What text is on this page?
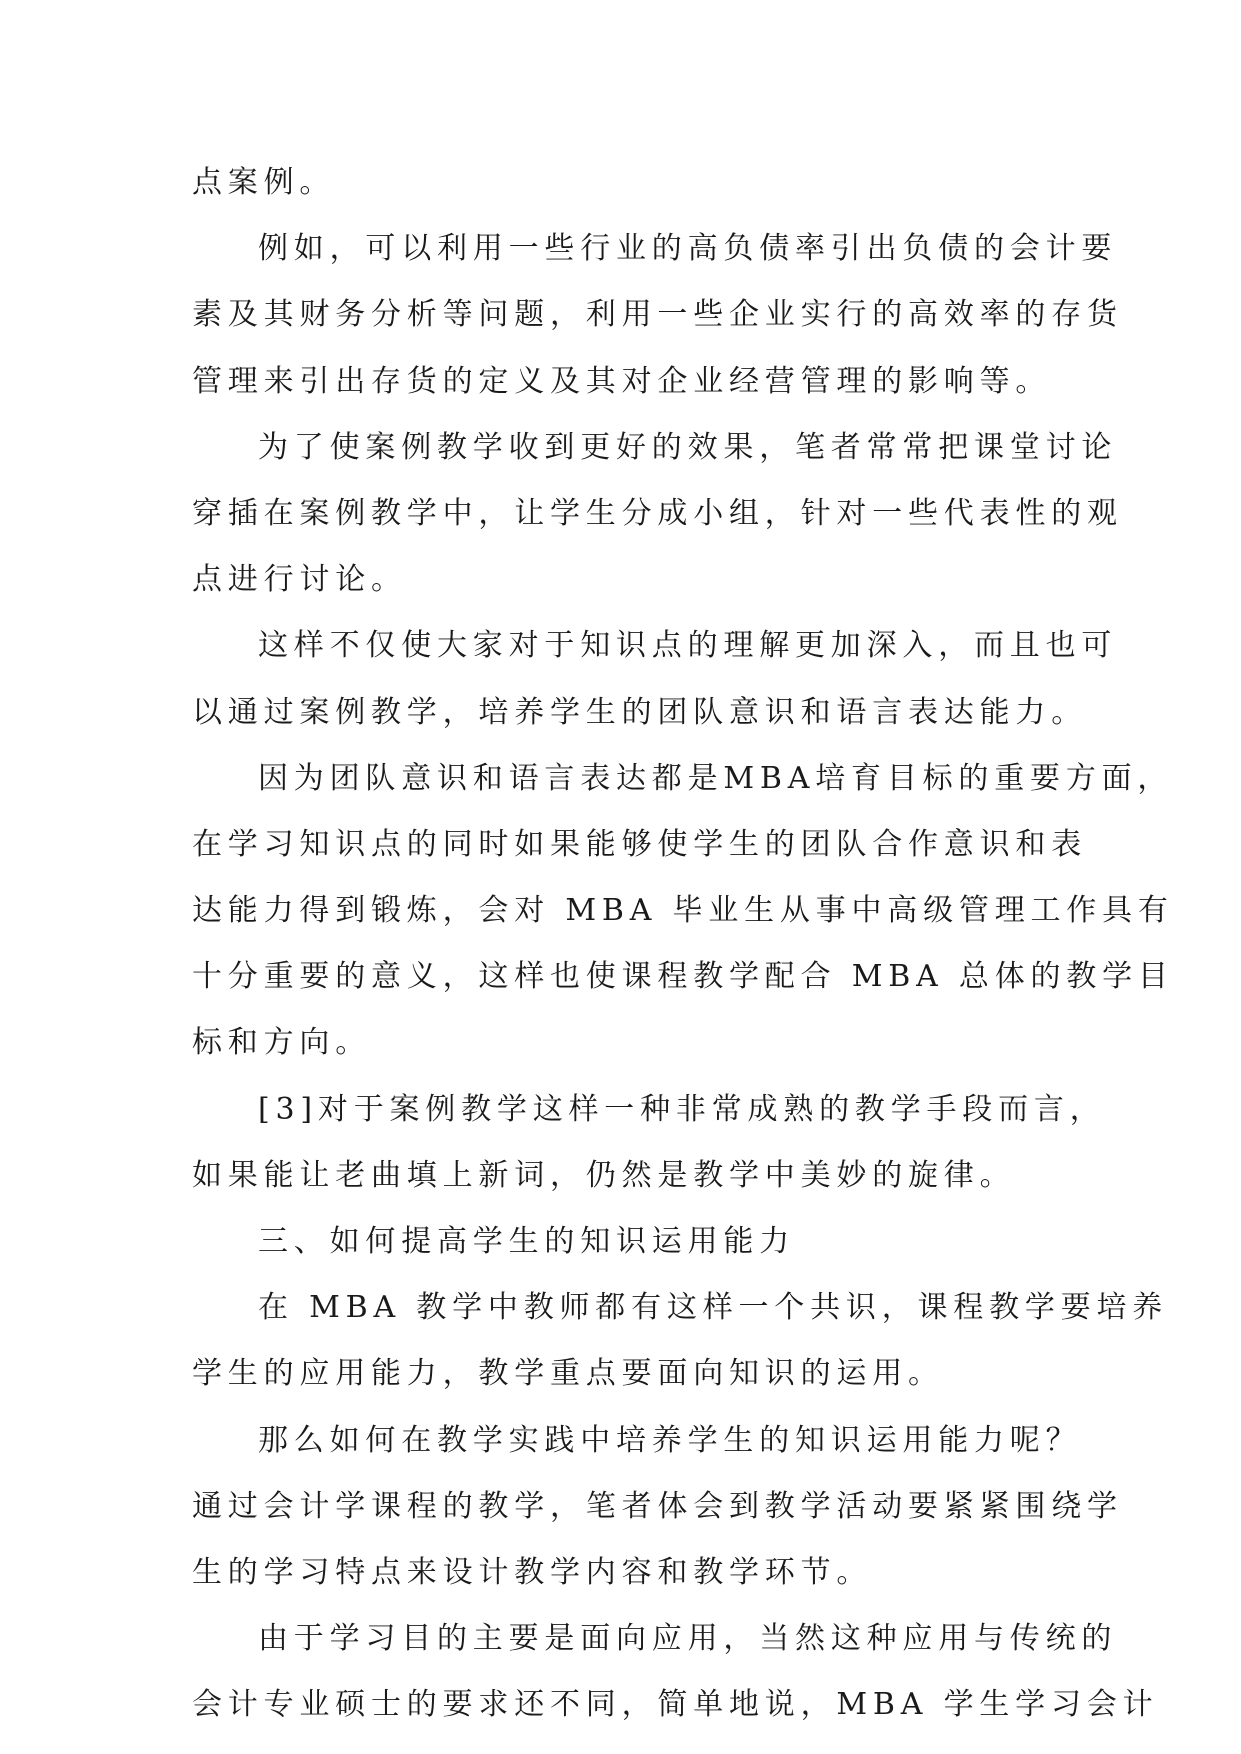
点案例。
例如，可以利用一些行业的高负债率引出负债的会计要
素及其财务分析等问题，利用一些企业实行的高效率的存货
管理来引出存货的定义及其对企业经营管理的影响等。
为了使案例教学收到更好的效果，笔者常常把课堂讨论
穿插在案例教学中，让学生分成小组，针对一些代表性的观
点进行讨论。
这样不仅使大家对于知识点的理解更加深入，而且也可
以通过案例教学，培养学生的团队意识和语言表达能力。
因为团队意识和语言表达都是MBA培育目标的重要方面，
在学习知识点的同时如果能够使学生的团队合作意识和表
达能力得到锻炼，会对 MBA 毕业生从事中高级管理工作具有
十分重要的意义，这样也使课程教学配合 MBA 总体的教学目
标和方向。
[3]对于案例教学这样一种非常成熟的教学手段而言，
如果能让老曲填上新词，仍然是教学中美妙的旋律。
三、如何提高学生的知识运用能力
在 MBA 教学中教师都有这样一个共识，课程教学要培养
学生的应用能力，教学重点要面向知识的运用。
那么如何在教学实践中培养学生的知识运用能力呢？
通过会计学课程的教学，笔者体会到教学活动要紧紧围绕学
生的学习特点来设计教学内容和教学环节。
由于学习目的主要是面向应用，当然这种应用与传统的
会计专业硕士的要求还不同，简单地说，MBA 学生学习会计
